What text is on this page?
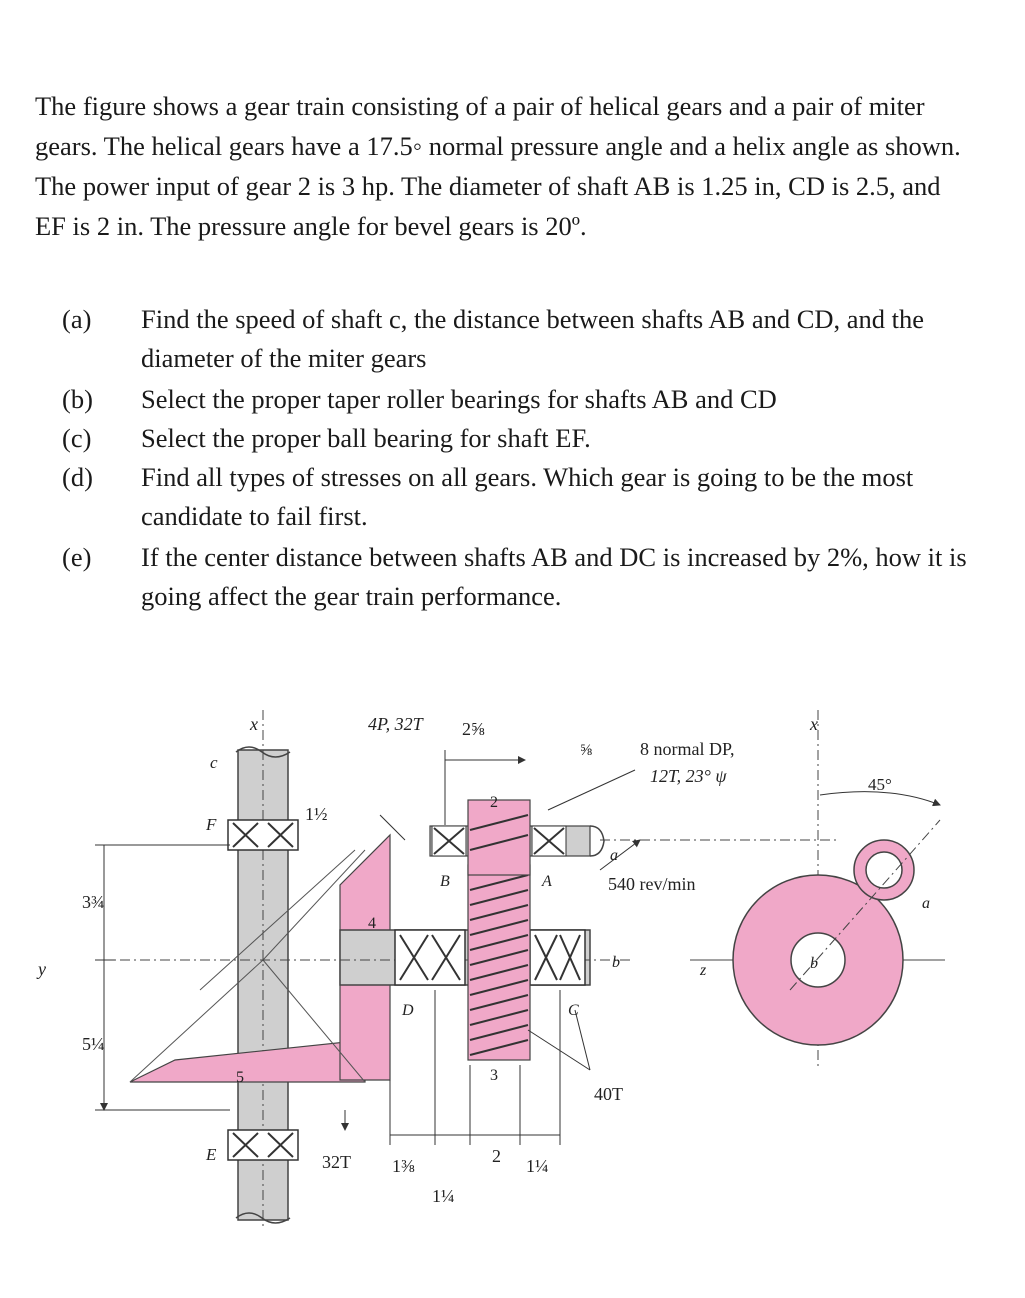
The figure shows a gear train consisting of a pair of helical gears and a pair of miter gears. The helical gears have a 17.5◦ normal pressure angle and a helix angle as shown. The power input of gear 2 is 3 hp. The diameter of shaft AB is 1.25 in, CD is 2.5, and EF is 2 in. The pressure angle for bevel gears is 20º.

(a)	Find the speed of shaft c, the distance between shafts AB and CD, and the diameter of the miter gears
(b)	Select the proper taper roller bearings for shafts AB and CD
(c)	Select the proper ball bearing for shaft EF.
(d)	Find all types of stresses on all gears. Which gear is going to be the most candidate to fail first.
(e)	If the center distance between shafts AB and DC is increased by 2%, how it is going affect the gear train performance.
x
c
F
E
y
3¾
5¼
4P, 32T 2⅝
⅝
1½
8 normal DP,
12T, 23° ψ
x
45°
2
B	A
a
540 rev/min
4
b	z	b
a
D	C
3
40T
5
32T 1⅜
1¼
2 1¼
